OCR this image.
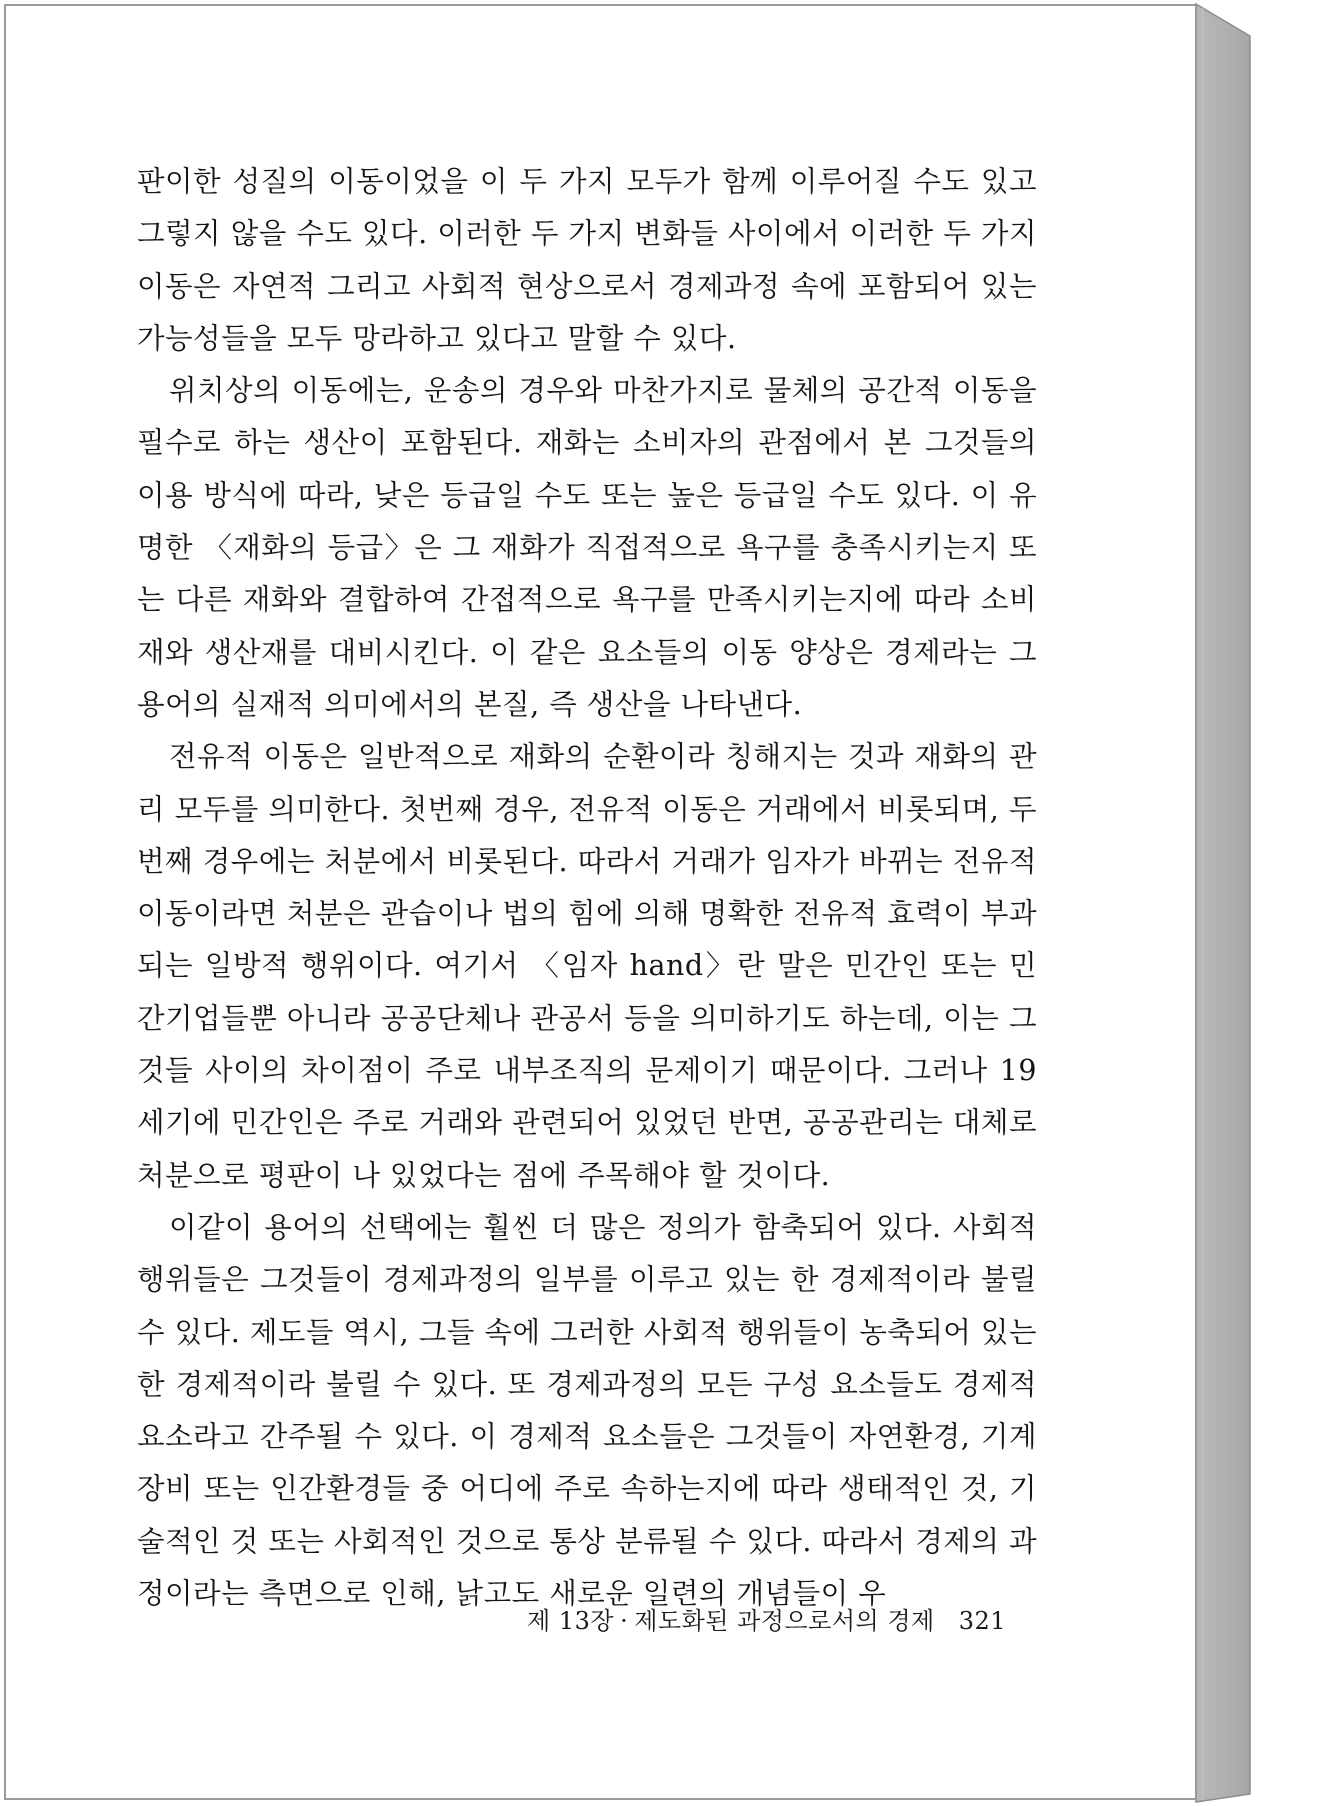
판이한 성질의 이동이었을 이 두 가지 모두가 함께 이루어질 수도 있고 그렇지 않을 수도 있다. 이러한 두 가지 변화들 사이에서 이러한 두 가지 이동은 자연적 그리고 사회적 현상으로서 경제과정 속에 포함되어 있는 가능성들을 모두 망라하고 있다고 말할 수 있다.

위치상의 이동에는, 운송의 경우와 마찬가지로 물체의 공간적 이동을 필수로 하는 생산이 포함된다. 재화는 소비자의 관점에서 본 그것들의 이용 방식에 따라, 낮은 등급일 수도 또는 높은 등급일 수도 있다. 이 유명한 〈재화의 등급〉은 그 재화가 직접적으로 욕구를 충족시키는지 또는 다른 재화와 결합하여 간접적으로 욕구를 만족시키는지에 따라 소비재와 생산재를 대비시킨다. 이 같은 요소들의 이동 양상은 경제라는 그 용어의 실재적 의미에서의 본질, 즉 생산을 나타낸다.

전유적 이동은 일반적으로 재화의 순환이라 칭해지는 것과 재화의 관리 모두를 의미한다. 첫번째 경우, 전유적 이동은 거래에서 비롯되며, 두번째 경우에는 처분에서 비롯된다. 따라서 거래가 임자가 바뀌는 전유적 이동이라면 처분은 관습이나 법의 힘에 의해 명확한 전유적 효력이 부과되는 일방적 행위이다. 여기서 〈임자 hand〉란 말은 민간인 또는 민간기업들뿐 아니라 공공단체나 관공서 등을 의미하기도 하는데, 이는 그것들 사이의 차이점이 주로 내부조직의 문제이기 때문이다. 그러나 19세기에 민간인은 주로 거래와 관련되어 있었던 반면, 공공관리는 대체로 처분으로 평판이 나 있었다는 점에 주목해야 할 것이다.

이같이 용어의 선택에는 훨씬 더 많은 정의가 함축되어 있다. 사회적 행위들은 그것들이 경제과정의 일부를 이루고 있는 한 경제적이라 불릴 수 있다. 제도들 역시, 그들 속에 그러한 사회적 행위들이 농축되어 있는 한 경제적이라 불릴 수 있다. 또 경제과정의 모든 구성 요소들도 경제적 요소라고 간주될 수 있다. 이 경제적 요소들은 그것들이 자연환경, 기계장비 또는 인간환경들 중 어디에 주로 속하는지에 따라 생태적인 것, 기술적인 것 또는 사회적인 것으로 통상 분류될 수 있다. 따라서 경제의 과정이라는 측면으로 인해, 낡고도 새로운 일련의 개념들이 우

제 13장 · 제도화된 과정으로서의 경제 321
